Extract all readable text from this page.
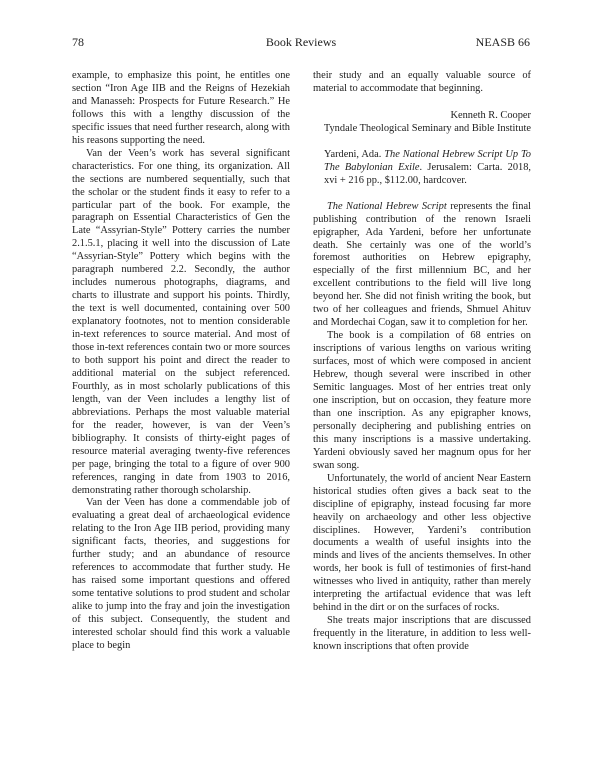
78	Book Reviews	NEASB 66

example, to emphasize this point, he entitles one section “Iron Age IIB and the Reigns of Hezekiah and Manasseh: Prospects for Future Research.” He follows this with a lengthy discussion of the specific issues that need further research, along with his reasons supporting the need.

Van der Veen’s work has several significant characteristics. For one thing, its organization. All the sections are numbered sequentially, such that the scholar or the student finds it easy to refer to a particular part of the book. For example, the paragraph on Essential Characteristics of Gen the Late “Assyrian-Style” Pottery carries the number 2.1.5.1, placing it well into the discussion of Late “Assyrian-Style” Pottery which begins with the paragraph numbered 2.2. Secondly, the author includes numerous photographs, diagrams, and charts to illustrate and support his points. Thirdly, the text is well documented, containing over 500 explanatory footnotes, not to mention considerable in-text references to source material. And most of those in-text references contain two or more sources to both support his point and direct the reader to additional material on the subject referenced. Fourthly, as in most scholarly publications of this length, van der Veen includes a lengthy list of abbreviations. Perhaps the most valuable material for the reader, however, is van der Veen’s bibliography. It consists of thirty-eight pages of resource material averaging twenty-five references per page, bringing the total to a figure of over 900 references, ranging in date from 1903 to 2016, demonstrating rather thorough scholarship.

Van der Veen has done a commendable job of evaluating a great deal of archaeological evidence relating to the Iron Age IIB period, providing many significant facts, theories, and suggestions for further study; and an abundance of resource references to accommodate that further study. He has raised some important questions and offered some tentative solutions to prod student and scholar alike to jump into the fray and join the investigation of this subject. Consequently, the student and interested scholar should find this work a valuable place to begin

their study and an equally valuable source of material to accommodate that beginning.

Kenneth R. Cooper

Tyndale Theological Seminary and Bible Institute

Yardeni, Ada. The National Hebrew Script Up To The Babylonian Exile. Jerusalem: Carta. 2018, xvi + 216 pp., $112.00, hardcover.

The National Hebrew Script represents the final publishing contribution of the renown Israeli epigrapher, Ada Yardeni, before her unfortunate death. She certainly was one of the world’s foremost authorities on Hebrew epigraphy, especially of the first millennium BC, and her excellent contributions to the field will live long beyond her. She did not finish writing the book, but two of her colleagues and friends, Shmuel Ahituv and Mordechai Cogan, saw it to completion for her.

The book is a compilation of 68 entries on inscriptions of various lengths on various writing surfaces, most of which were composed in ancient Hebrew, though several were inscribed in other Semitic languages. Most of her entries treat only one inscription, but on occasion, they feature more than one inscription. As any epigrapher knows, personally deciphering and publishing entries on this many inscriptions is a massive undertaking. Yardeni obviously saved her magnum opus for her swan song.

Unfortunately, the world of ancient Near Eastern historical studies often gives a back seat to the discipline of epigraphy, instead focusing far more heavily on archaeology and other less objective disciplines. However, Yardeni’s contribution documents a wealth of useful insights into the minds and lives of the ancients themselves. In other words, her book is full of testimonies of first-hand witnesses who lived in antiquity, rather than merely interpreting the artifactual evidence that was left behind in the dirt or on the surfaces of rocks.

She treats major inscriptions that are discussed frequently in the literature, in addition to less well-known inscriptions that often provide
